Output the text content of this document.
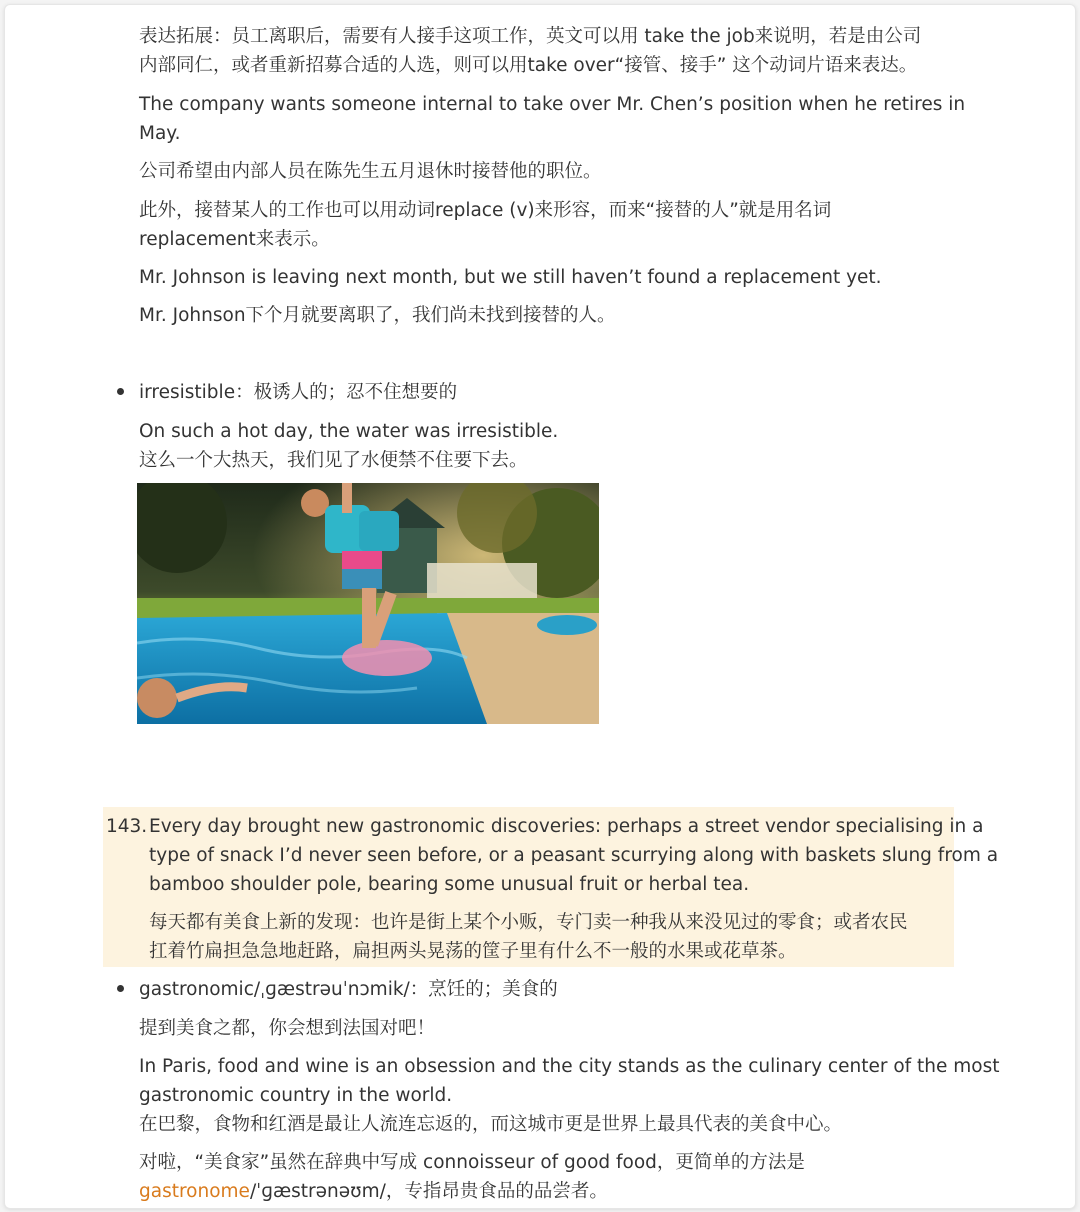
表达拓展：员工离职后，需要有人接手这项工作，英文可以用 take the job来说明，若是由公司

内部同仁，或者重新招募合适的人选，则可以用take over“接管、接手” 这个动词片语来表达。

The company wants someone internal to take over Mr. Chen’s position when he retires in

May.

公司希望由内部人员在陈先生五月退休时接替他的职位。

此外，接替某人的工作也可以用动词replace (v)来形容，而来“接替的人”就是用名词

replacement来表示。

Mr. Johnson is leaving next month, but we still haven’t found a replacement yet.

Mr. Johnson下个月就要离职了，我们尚未找到接替的人。

irresistible：极诱人的；忍不住想要的

On such a hot day, the water was irresistible.

这么一个大热天，我们见了水便禁不住要下去。

143. Every day brought new gastronomic discoveries: perhaps a street vendor specialising in a

type of snack I’d never seen before, or a peasant scurrying along with baskets slung from a

bamboo shoulder pole, bearing some unusual fruit or herbal tea.

每天都有美食上新的发现：也许是街上某个小贩，专门卖一种我从来没见过的零食；或者农民

扛着竹扁担急急地赶路，扁担两头晃荡的筐子里有什么不一般的水果或花草茶。

gastronomic/ˌɡæstrəuˈnɔmik/：烹饪的；美食的

提到美食之都，你会想到法国对吧！

In Paris, food and wine is an obsession and the city stands as the culinary center of the most

gastronomic country in the world.

在巴黎，食物和红酒是最让人流连忘返的，而这城市更是世界上最具代表的美食中心。

对啦，“美食家”虽然在辞典中写成 connoisseur of good food，更简单的方法是

gastronome/ˈɡæstrənəʊm/，专指昂贵食品的品尝者。
